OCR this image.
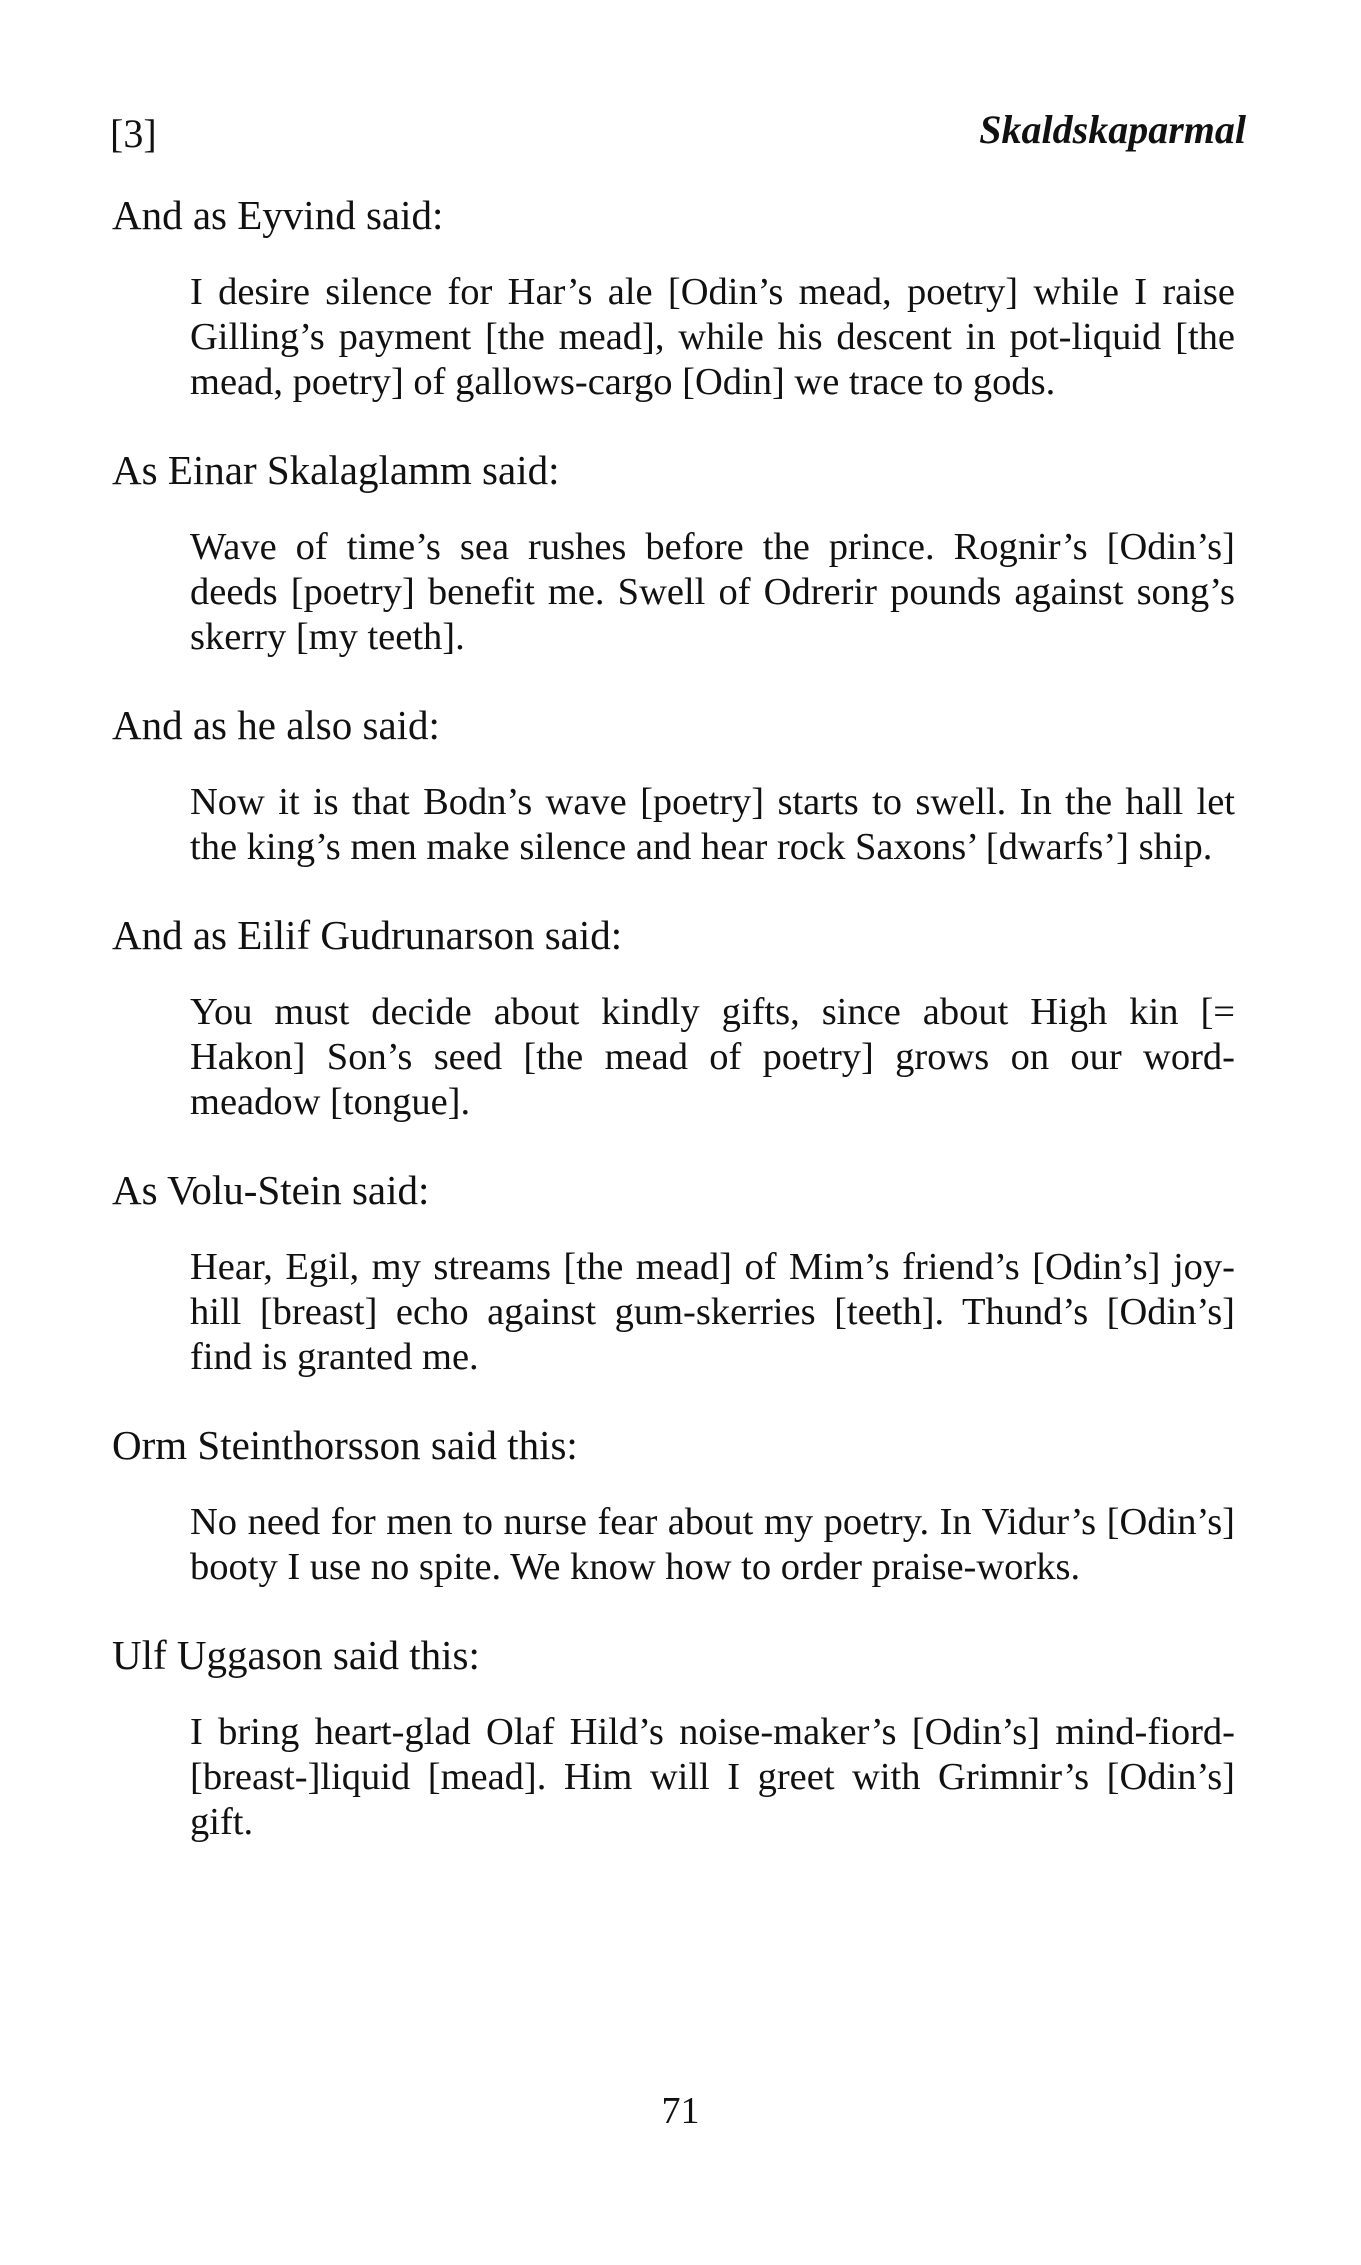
[3]	Skaldskaparmal

And as Eyvind said:

I desire silence for Har’s ale [Odin’s mead, poetry] while I raise Gilling’s payment [the mead], while his descent in pot-liquid [the mead, poetry] of gallows-cargo [Odin] we trace to gods.

As Einar Skalaglamm said:

Wave of time’s sea rushes before the prince. Rognir’s [Odin’s] deeds [poetry] benefit me. Swell of Odrerir pounds against song’s skerry [my teeth].

And as he also said:

Now it is that Bodn’s wave [poetry] starts to swell. In the hall let the king’s men make silence and hear rock Saxons’ [dwarfs’] ship.

And as Eilif Gudrunarson said:

You must decide about kindly gifts, since about High kin [= Hakon] Son’s seed [the mead of poetry] grows on our word-meadow [tongue].

As Volu-Stein said:

Hear, Egil, my streams [the mead] of Mim’s friend’s [Odin’s] joy-hill [breast] echo against gum-skerries [teeth]. Thund’s [Odin’s] find is granted me.

Orm Steinthorsson said this:

No need for men to nurse fear about my poetry. In Vidur’s [Odin’s] booty I use no spite. We know how to order praise-works.

Ulf Uggason said this:

I bring heart-glad Olaf Hild’s noise-maker’s [Odin’s] mind-fiord-[breast-]liquid [mead]. Him will I greet with Grimnir’s [Odin’s] gift.

71
